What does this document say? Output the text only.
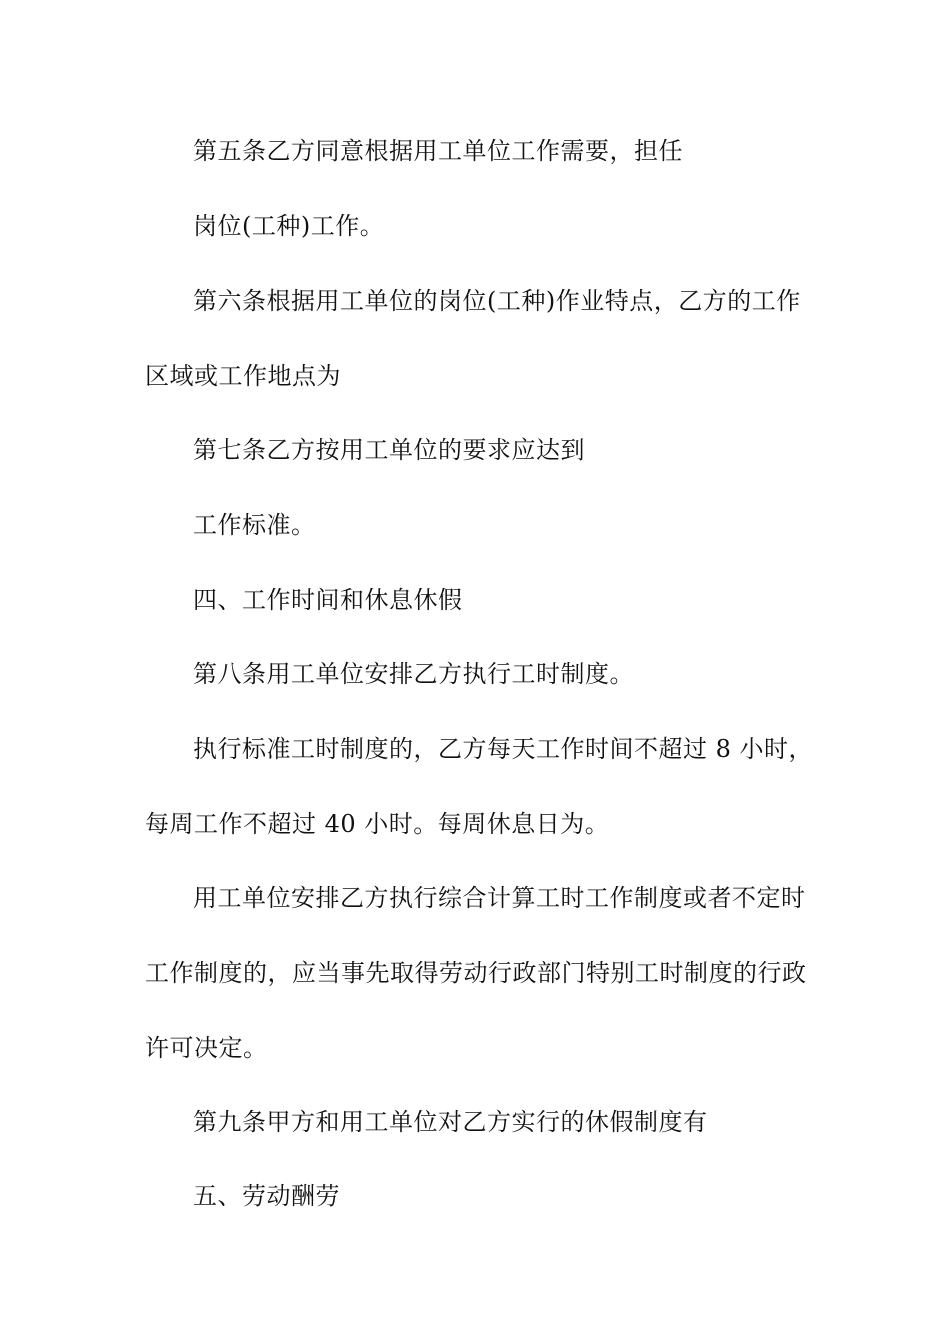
第五条乙方同意根据用工单位工作需要，担任
岗位(工种)工作。
第六条根据用工单位的岗位(工种)作业特点，乙方的工作
区域或工作地点为
第七条乙方按用工单位的要求应达到
工作标准。
四、工作时间和休息休假
第八条用工单位安排乙方执行工时制度。
执行标准工时制度的，乙方每天工作时间不超过 8 小时，
每周工作不超过 40 小时。每周休息日为。
用工单位安排乙方执行综合计算工时工作制度或者不定时
工作制度的，应当事先取得劳动行政部门特别工时制度的行政
许可决定。
第九条甲方和用工单位对乙方实行的休假制度有
五、劳动酬劳
